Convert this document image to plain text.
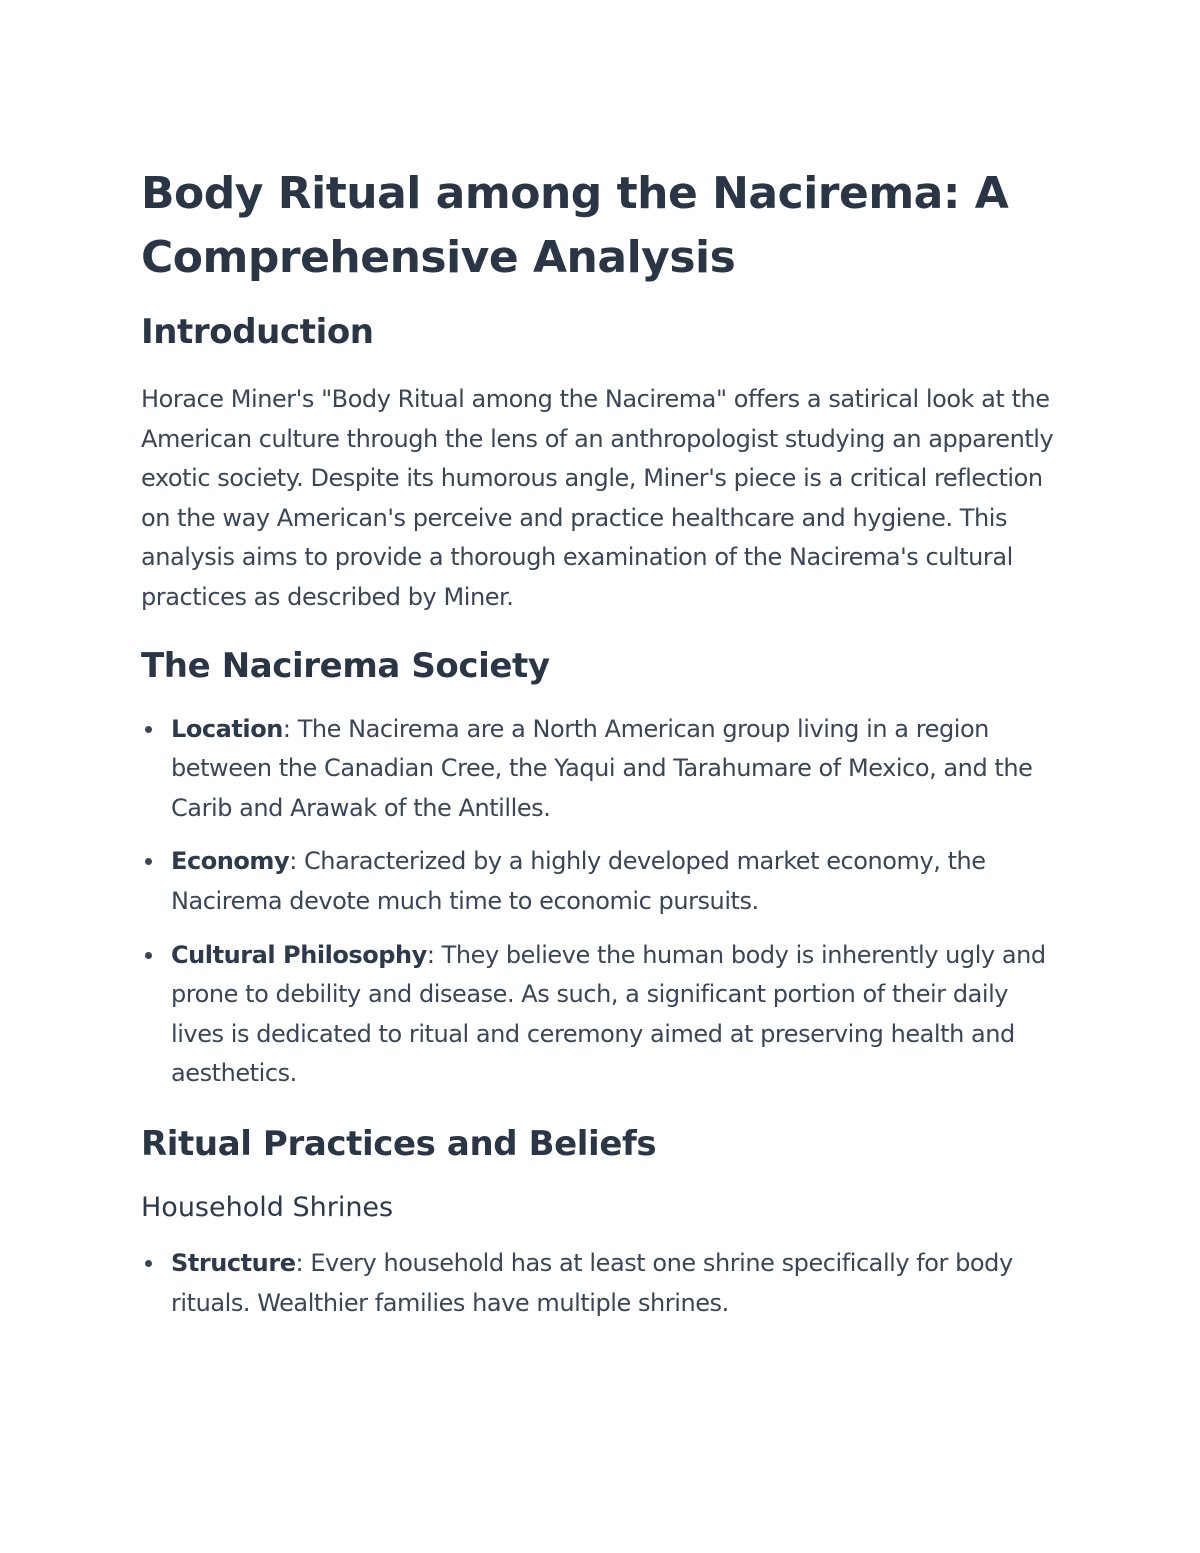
Body Ritual among the Nacirema: A Comprehensive Analysis
Introduction

Horace Miner's "Body Ritual among the Nacirema" offers a satirical look at the American culture through the lens of an anthropologist studying an apparently exotic society. Despite its humorous angle, Miner's piece is a critical reflection on the way American's perceive and practice healthcare and hygiene. This analysis aims to provide a thorough examination of the Nacirema's cultural practices as described by Miner.

The Nacirema Society
Location: The Nacirema are a North American group living in a region between the Canadian Cree, the Yaqui and Tarahumare of Mexico, and the Carib and Arawak of the Antilles.
Economy: Characterized by a highly developed market economy, the Nacirema devote much time to economic pursuits.
Cultural Philosophy: They believe the human body is inherently ugly and prone to debility and disease. As such, a significant portion of their daily lives is dedicated to ritual and ceremony aimed at preserving health and aesthetics.
Ritual Practices and Beliefs
Household Shrines
Structure: Every household has at least one shrine specifically for body rituals. Wealthier families have multiple shrines.
